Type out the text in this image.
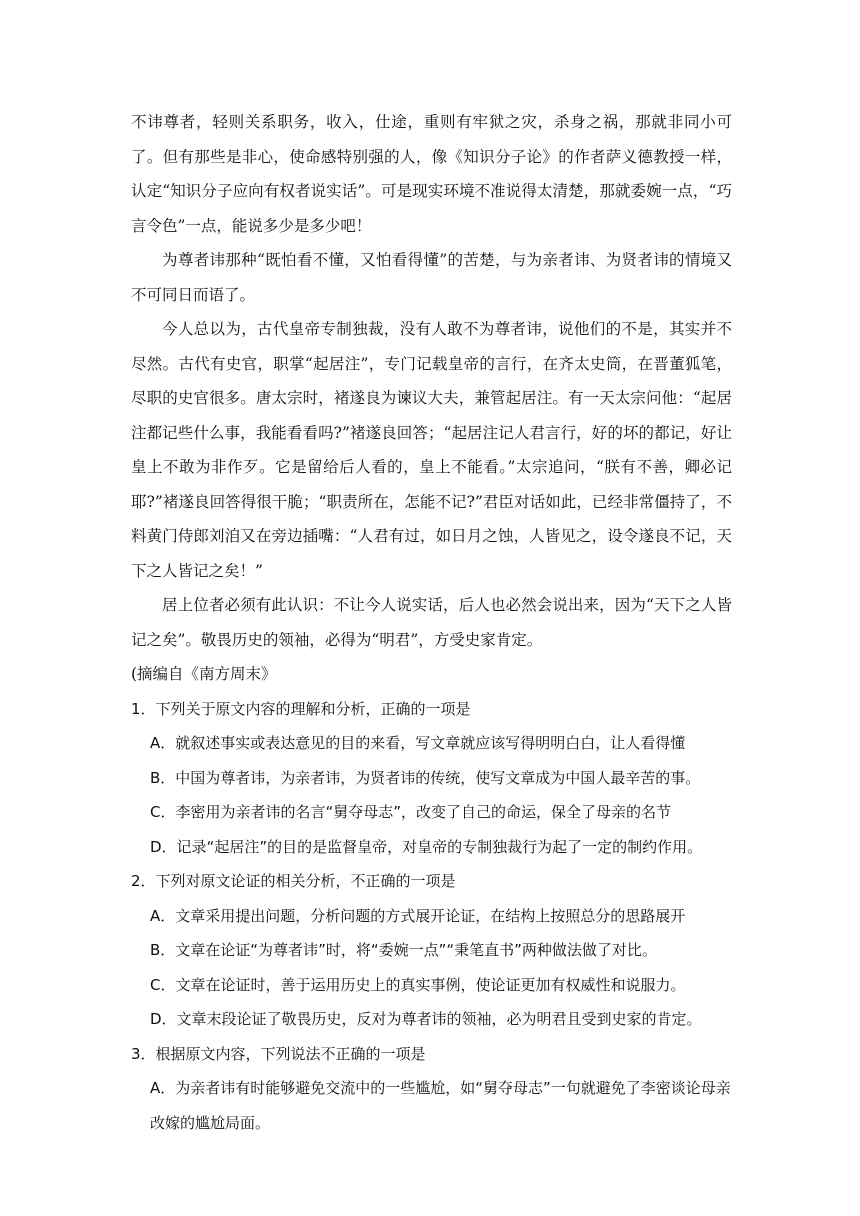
不讳尊者，轻则关系职务，收入，仕途，重则有牢狱之灾，杀身之祸，那就非同小可了。但有那些是非心，使命感特别强的人，像《知识分子论》的作者萨义德教授一样，认定“知识分子应向有权者说实话”。可是现实环境不准说得太清楚，那就委婉一点，“巧言令色”一点，能说多少是多少吧！

为尊者讳那种“既怕看不懂，又怕看得懂”的苦楚，与为亲者讳、为贤者讳的情境又不可同日而语了。

今人总以为，古代皇帝专制独裁，没有人敢不为尊者讳，说他们的不是，其实并不尽然。古代有史官，职掌“起居注”，专门记载皇帝的言行，在齐太史筒，在晋董狐笔，尽职的史官很多。唐太宗时，褚遂良为谏议大夫，兼管起居注。有一天太宗问他：“起居注都记些什么事，我能看看吗?”褚遂良回答；“起居注记人君言行，好的坏的都记，好让皇上不敢为非作歹。它是留给后人看的，皇上不能看。”太宗追问，“朕有不善，卿必记耶?”褚遂良回答得很干脆；“职责所在，怎能不记?”君臣对话如此，已经非常僵持了，不料黄门侍郎刘洎又在旁边插嘴：“人君有过，如日月之蚀，人皆见之，设令遂良不记，天下之人皆记之矣！”

居上位者必须有此认识：不让今人说实话，后人也必然会说出来，因为“天下之人皆记之矣”。敬畏历史的领袖，必得为“明君”，方受史家肯定。

(摘编自《南方周末》

1．下列关于原文内容的理解和分析，正确的一项是

A．就叙述事实或表达意见的目的来看，写文章就应该写得明明白白，让人看得懂

B．中国为尊者讳，为亲者讳，为贤者讳的传统，使写文章成为中国人最辛苦的事。

C．李密用为亲者讳的名言“舅夺母志”，改变了自己的命运，保全了母亲的名节

D．记录“起居注”的目的是监督皇帝，对皇帝的专制独裁行为起了一定的制约作用。

2．下列对原文论证的相关分析，不正确的一项是

A．文章采用提出问题，分析问题的方式展开论证，在结构上按照总分的思路展开

B．文章在论证“为尊者讳”时，将“委婉一点”“秉笔直书”两种做法做了对比。

C．文章在论证时，善于运用历史上的真实事例，使论证更加有权威性和说服力。

D．文章末段论证了敬畏历史，反对为尊者讳的领袖，必为明君且受到史家的肯定。

3．根据原文内容，下列说法不正确的一项是

A．为亲者讳有时能够避免交流中的一些尴尬，如“舅夺母志”一句就避免了李密谈论母亲改嫁的尴尬局面。
